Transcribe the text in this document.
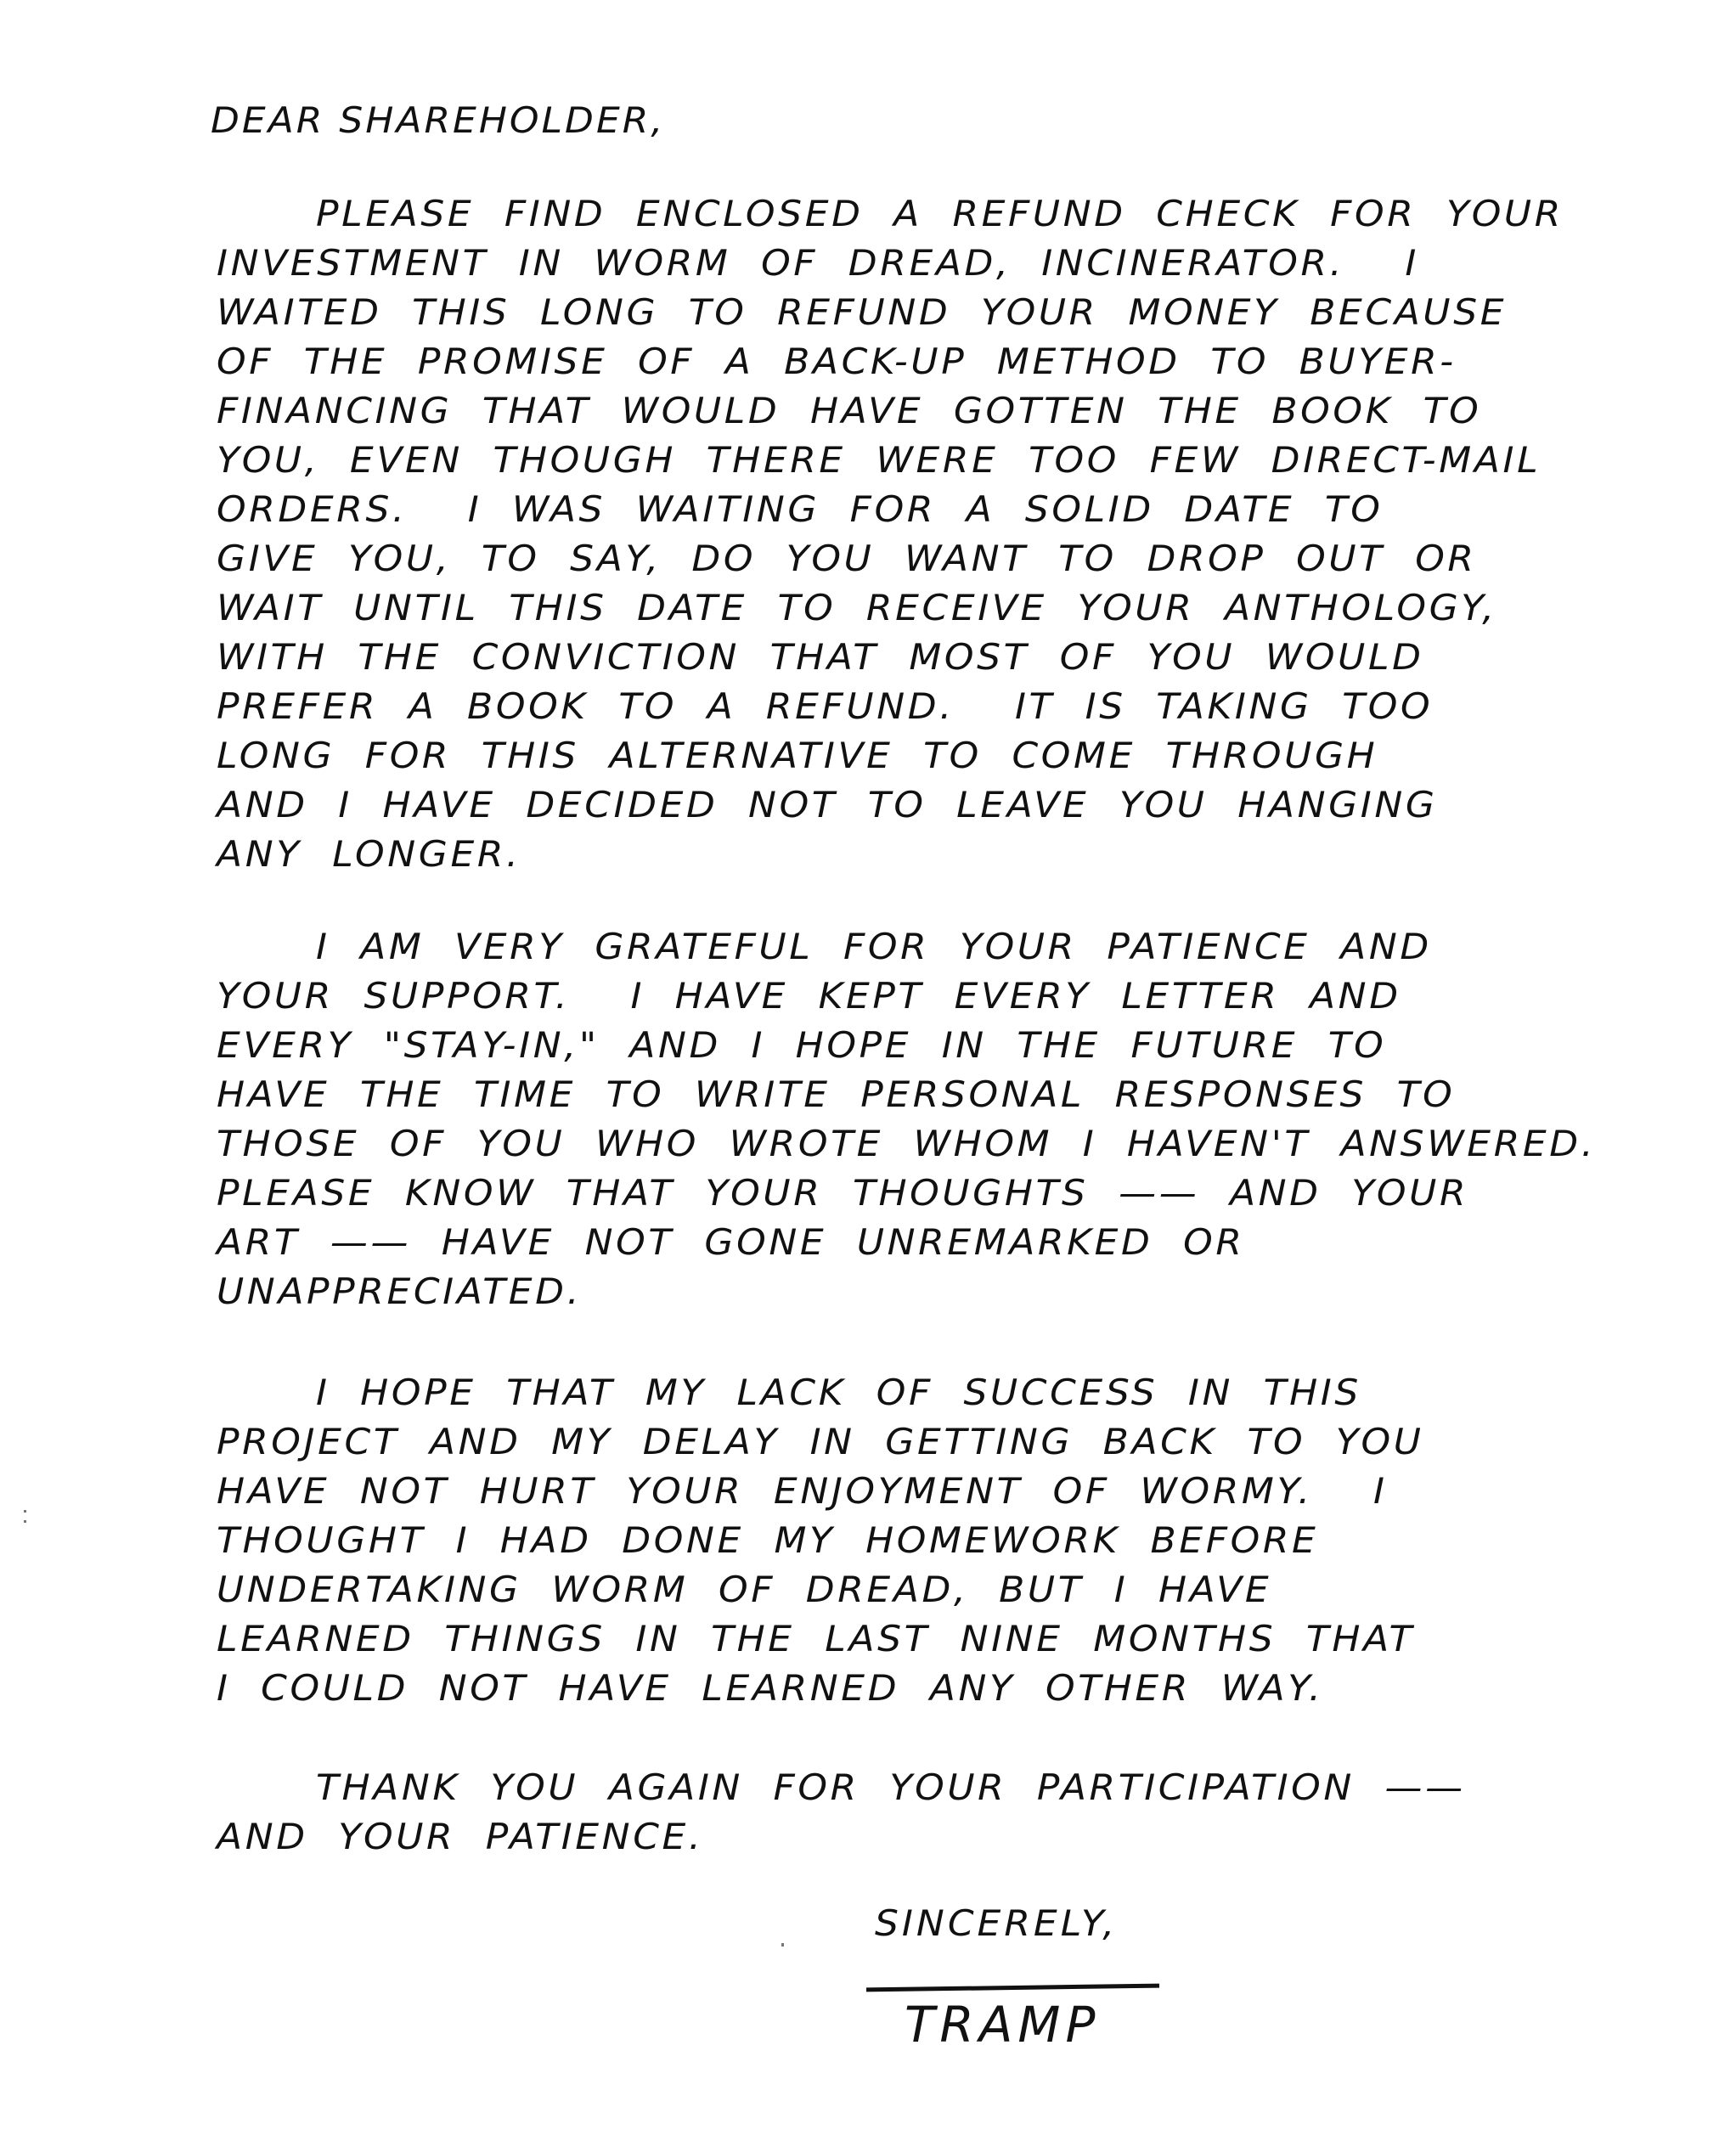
DEAR SHAREHOLDER,
PLEASE FIND ENCLOSED A REFUND CHECK FOR YOUR
INVESTMENT IN WORM OF DREAD, INCINERATOR.  I
WAITED THIS LONG TO REFUND YOUR MONEY BECAUSE
OF THE PROMISE OF A BACK-UP METHOD TO BUYER-
FINANCING THAT WOULD HAVE GOTTEN THE BOOK TO
YOU, EVEN THOUGH THERE WERE TOO FEW DIRECT-MAIL
ORDERS.  I WAS WAITING FOR A SOLID DATE TO
GIVE YOU, TO SAY, DO YOU WANT TO DROP OUT OR
WAIT UNTIL THIS DATE TO RECEIVE YOUR ANTHOLOGY,
WITH THE CONVICTION THAT MOST OF YOU WOULD
PREFER A BOOK TO A REFUND.  IT IS TAKING TOO
LONG FOR THIS ALTERNATIVE TO COME THROUGH
AND I HAVE DECIDED NOT TO LEAVE YOU HANGING
ANY LONGER.
I AM VERY GRATEFUL FOR YOUR PATIENCE AND
YOUR SUPPORT.  I HAVE KEPT EVERY LETTER AND
EVERY "STAY-IN," AND I HOPE IN THE FUTURE TO
HAVE THE TIME TO WRITE PERSONAL RESPONSES TO
THOSE OF YOU WHO WROTE WHOM I HAVEN'T ANSWERED.
PLEASE KNOW THAT YOUR THOUGHTS —— AND YOUR
ART —— HAVE NOT GONE UNREMARKED OR
UNAPPRECIATED.
I HOPE THAT MY LACK OF SUCCESS IN THIS
PROJECT AND MY DELAY IN GETTING BACK TO YOU
HAVE NOT HURT YOUR ENJOYMENT OF WORMY.  I
THOUGHT I HAD DONE MY HOMEWORK BEFORE
UNDERTAKING WORM OF DREAD, BUT I HAVE
LEARNED THINGS IN THE LAST NINE MONTHS THAT
I COULD NOT HAVE LEARNED ANY OTHER WAY.
THANK YOU AGAIN FOR YOUR PARTICIPATION ——
AND YOUR PATIENCE.
SINCERELY,
TRAMP
